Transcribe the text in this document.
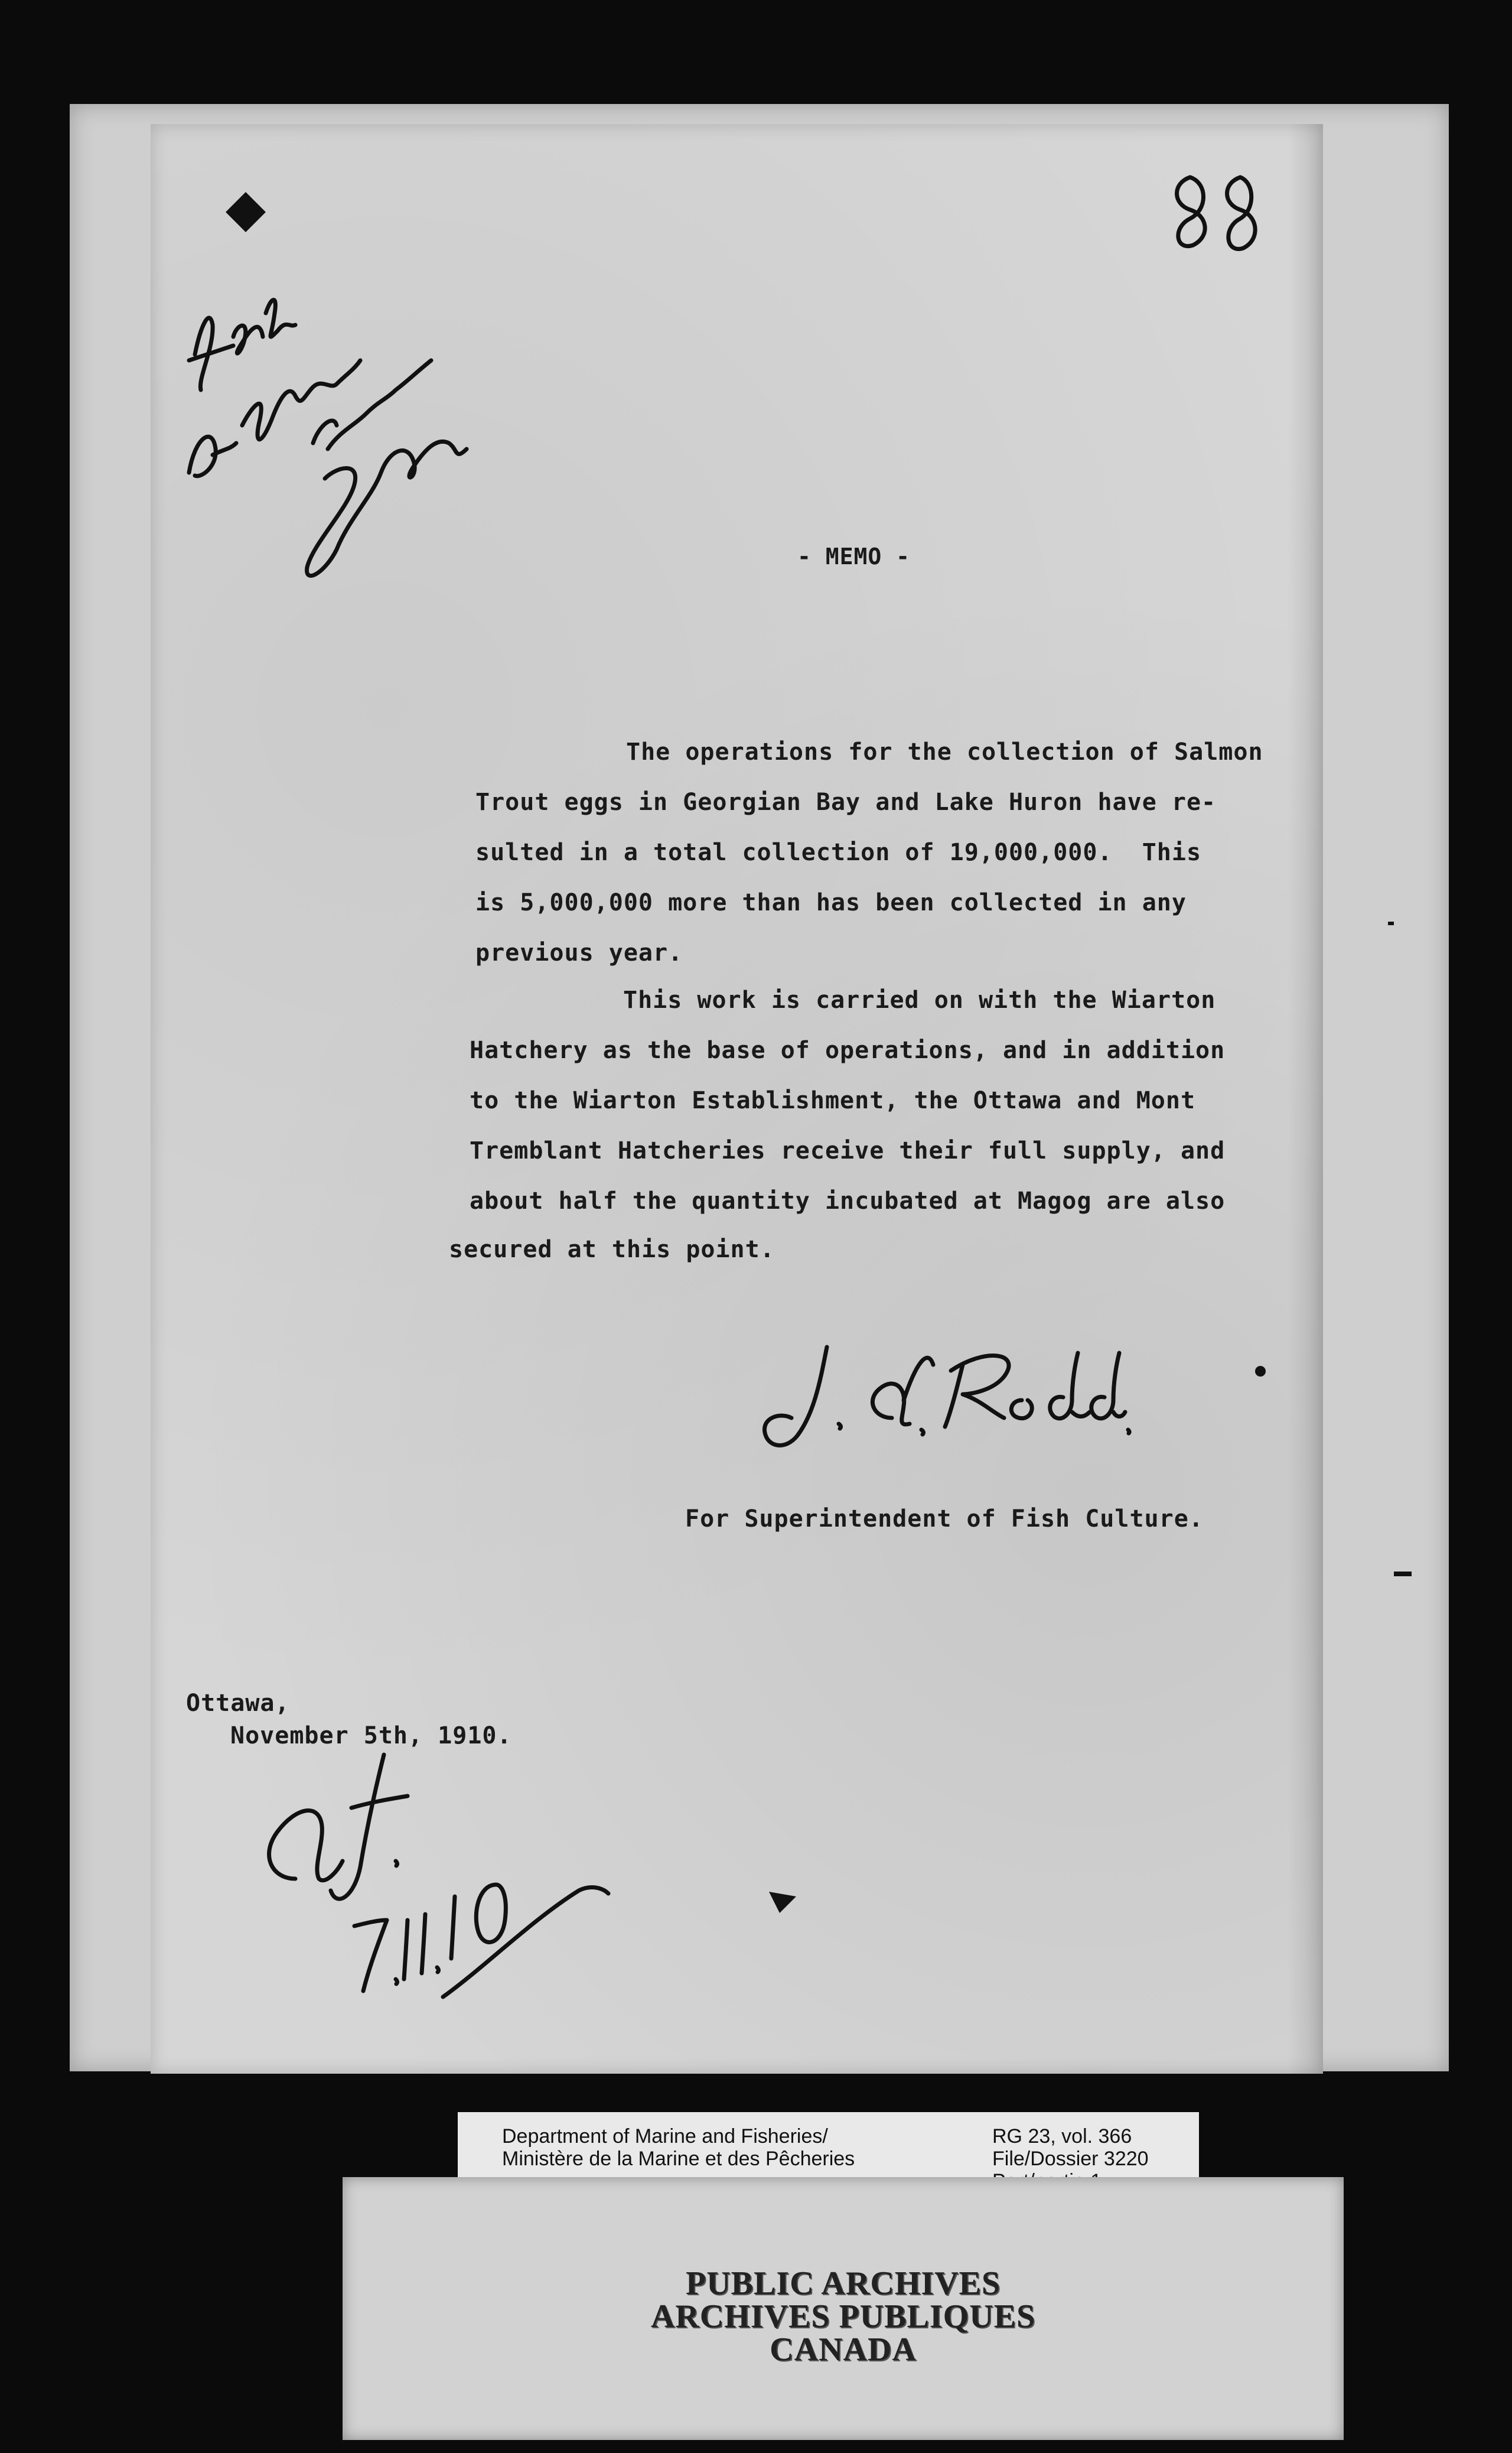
- MEMO -
The operations for the collection of Salmon
Trout eggs in Georgian Bay and Lake Huron have re-
sulted in a total collection of 19,000,000.  This
is 5,000,000 more than has been collected in any
previous year.
This work is carried on with the Wiarton
Hatchery as the base of operations, and in addition
to the Wiarton Establishment, the Ottawa and Mont
Tremblant Hatcheries receive their full supply, and
about half the quantity incubated at Magog are also
secured at this point.
For Superintendent of Fish Culture.
Ottawa,
November 5th, 1910.
Department of Marine and Fisheries/
Ministère de la Marine et des Pêcheries
RG 23, vol. 366
File/Dossier 3220
PUBLIC ARCHIVES
ARCHIVES PUBLIQUES
CANADA
